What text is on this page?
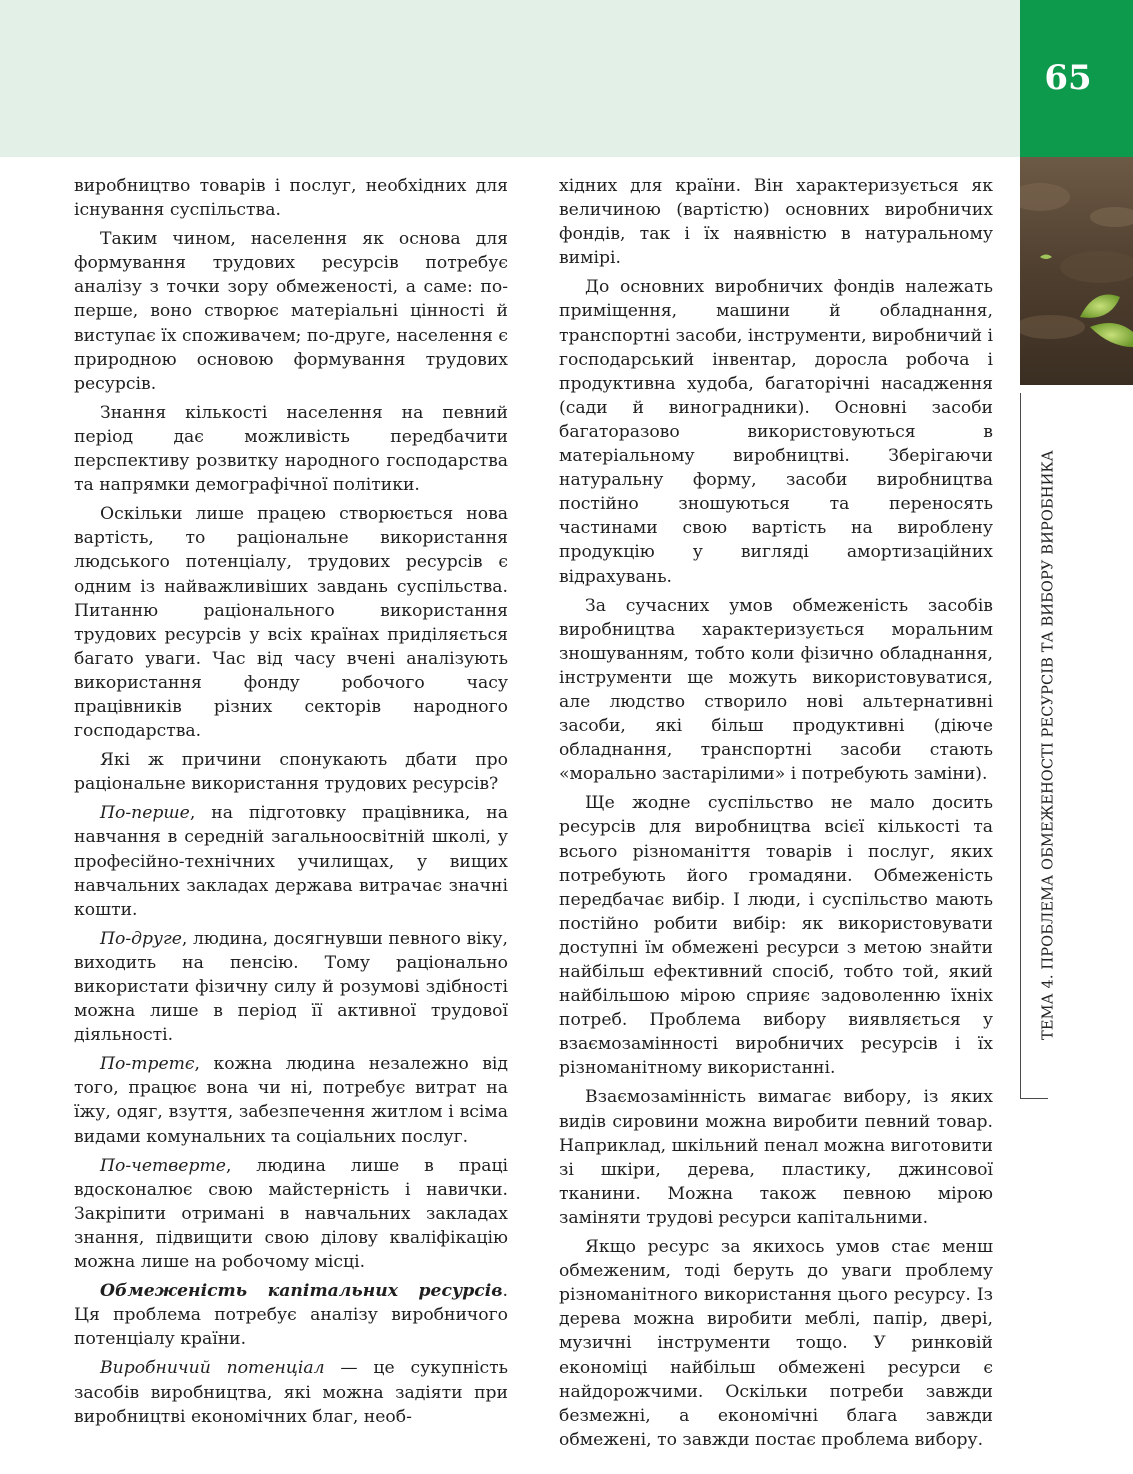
65
ТЕМА 4. ПРОБЛЕМА ОБМЕЖЕНОСТІ РЕСУРСІВ ТА ВИБОРУ ВИРОБНИКА

виробництво товарів і послуг, необхідних для існування суспільства.

Таким чином, населення як основа для формування трудових ресурсів потребує аналізу з точки зору обмеженості, а саме: по-перше, воно створює матеріальні цінності й виступає їх споживачем; по-друге, населення є природною основою формування трудових ресурсів.

Знання кількості населення на певний період дає можливість передбачити перспективу розвитку народного господарства та напрямки демографічної політики.

Оскільки лише працею створюється нова вартість, то раціональне використання людського потенціалу, трудових ресурсів є одним із найважливіших завдань суспільства. Питанню раціонального використання трудових ресурсів у всіх країнах приділяється багато уваги. Час від часу вчені аналізують використання фонду робочого часу працівників різних секторів народного господарства.

Які ж причини спонукають дбати про раціональне використання трудових ресурсів?

По-перше, на підготовку працівника, на навчання в середній загальноосвітній школі, у професійно-технічних училищах, у вищих навчальних закладах держава витрачає значні кошти.

По-друге, людина, досягнувши певного віку, виходить на пенсію. Тому раціонально використати фізичну силу й розумові здібності можна лише в період її активної трудової діяльності.

По-третє, кожна людина незалежно від того, працює вона чи ні, потребує витрат на їжу, одяг, взуття, забезпечення житлом і всіма видами комунальних та соціальних послуг.

По-четверте, людина лише в праці вдосконалює свою майстерність і навички. Закріпити отримані в навчальних закладах знання, підвищити свою ділову кваліфікацію можна лише на робочому місці.

Обмеженість капітальних ресурсів. Ця проблема потребує аналізу виробничого потенціалу країни.

Виробничий потенціал — це сукупність засобів виробництва, які можна задіяти при виробництві економічних благ, необ-

хідних для країни. Він характеризується як величиною (вартістю) основних виробничих фондів, так і їх наявністю в натуральному вимірі.

До основних виробничих фондів належать приміщення, машини й обладнання, транспортні засоби, інструменти, виробничий і господарський інвентар, доросла робоча і продуктивна худоба, багаторічні насадження (сади й виноградники). Основні засоби багаторазово використовуються в матеріальному виробництві. Зберігаючи натуральну форму, засоби виробництва постійно зношуються та переносять частинами свою вартість на вироблену продукцію у вигляді амортизаційних відрахувань.

За сучасних умов обмеженість засобів виробництва характеризується моральним зношуванням, тобто коли фізично обладнання, інструменти ще можуть використовуватися, але людство створило нові альтернативні засоби, які більш продуктивні (діюче обладнання, транспортні засоби стають «морально застарілими» і потребують заміни).

Ще жодне суспільство не мало досить ресурсів для виробництва всієї кількості та всього різноманіття товарів і послуг, яких потребують його громадяни. Обмеженість передбачає вибір. І люди, і суспільство мають постійно робити вибір: як використовувати доступні їм обмежені ресурси з метою знайти найбільш ефективний спосіб, тобто той, який найбільшою мірою сприяє задоволенню їхніх потреб. Проблема вибору виявляється у взаємозамінності виробничих ресурсів і їх різноманітному використанні.

Взаємозамінність вимагає вибору, із яких видів сировини можна виробити певний товар. Наприклад, шкільний пенал можна виготовити зі шкіри, дерева, пластику, джинсової тканини. Можна також певною мірою заміняти трудові ресурси капітальними.

Якщо ресурс за якихось умов стає менш обмеженим, тоді беруть до уваги проблему різноманітного використання цього ресурсу. Із дерева можна виробити меблі, папір, двері, музичні інструменти тощо. У ринковій економіці найбільш обмежені ресурси є найдорожчими. Оскільки потреби завжди безмежні, а економічні блага завжди обмежені, то завжди постає проблема вибору.
